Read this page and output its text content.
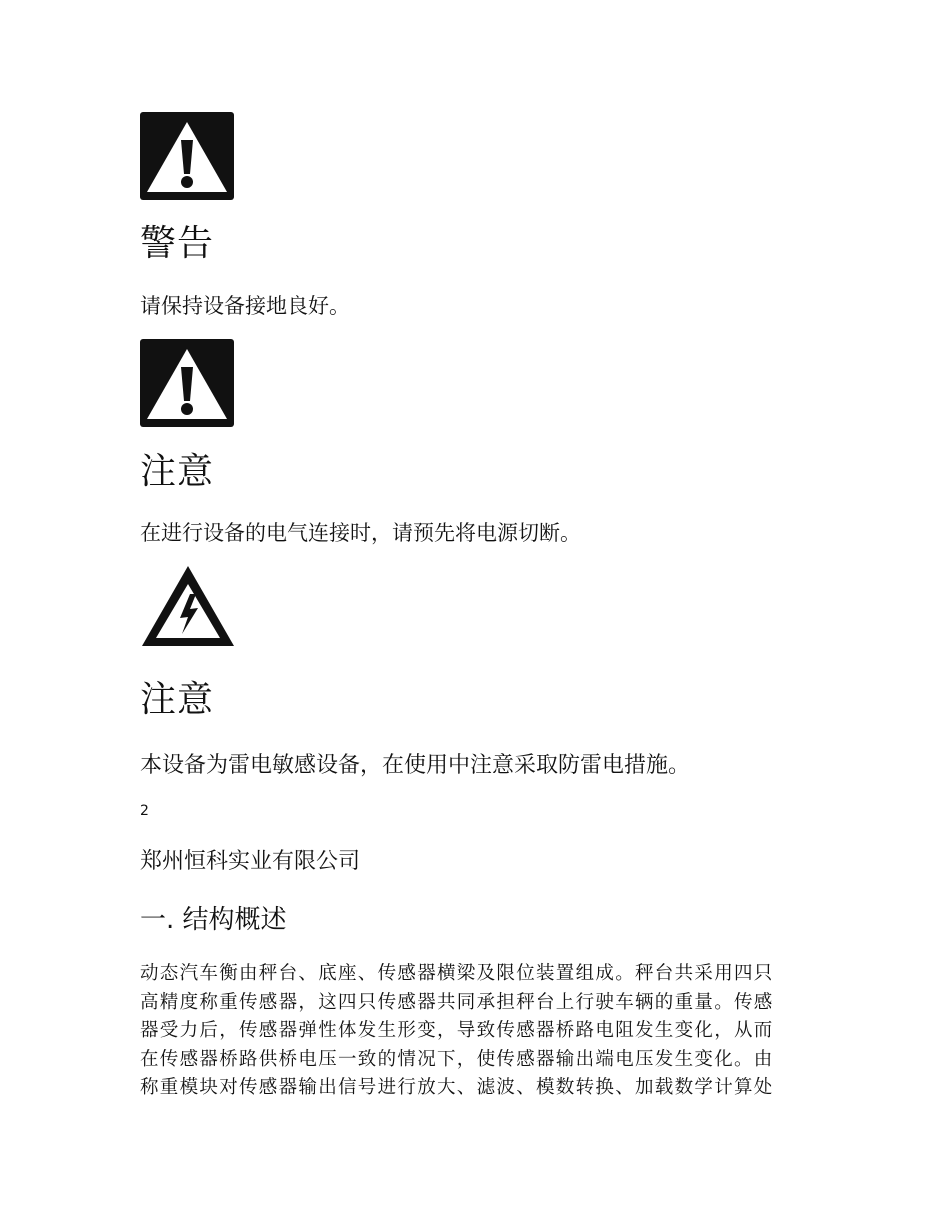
警告
请保持设备接地良好。
注意
在进行设备的电气连接时，请预先将电源切断。
注意
本设备为雷电敏感设备，在使用中注意采取防雷电措施。
2
郑州恒科实业有限公司
一. 结构概述
动态汽车衡由秤台、底座、传感器横梁及限位装置组成。秤台共采用四只
高精度称重传感器，这四只传感器共同承担秤台上行驶车辆的重量。传感
器受力后，传感器弹性体发生形变，导致传感器桥路电阻发生变化，从而
在传感器桥路供桥电压一致的情况下，使传感器输出端电压发生变化。由
称重模块对传感器输出信号进行放大、滤波、模数转换、加载数学计算处
